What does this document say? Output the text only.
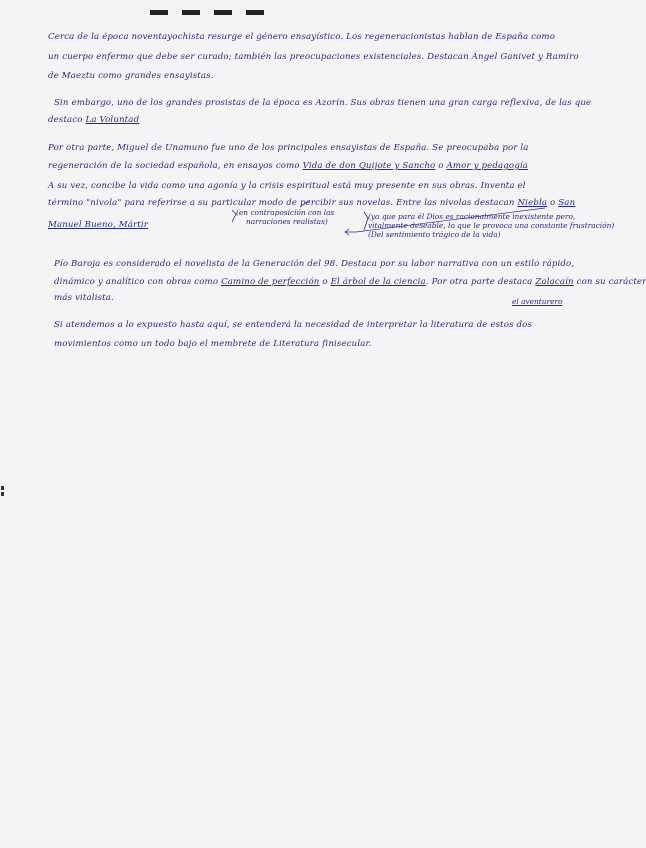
Cerca de la época noventayochista resurge el género ensayístico. Los regeneracionistas hablan de España como
un cuerpo enfermo que debe ser curado; también las preocupaciones existenciales. Destacan Ángel Ganivet y Ramiro
de Maeztu como grandes ensayistas.
Sin embargo, uno de los grandes prosistas de la época es Azorín. Sus obras tienen una gran carga reflexiva, de las que
destaco La Voluntad
Por otra parte, Miguel de Unamuno fue uno de los principales ensayistas de España. Se preocupaba por la
regeneración de la sociedad española, en ensayos como Vida de don Quijote y Sancho o Amor y pedagogía
A su vez, concibe la vida como una agonía y la crisis espiritual está muy presente en sus obras. Inventa el
término "nivola" para referirse a su particular modo de percibir sus novelas. Entre las nivolas destacan Niebla o San
Manuel Bueno, Mártir
(en contraposición con las
narraciones realistas)
(ya que para él Dios es racionalmente inexistente pero,
vitalmente deseable, lo que le provoca una constante frustración)
(Del sentimiento trágico de la vida)
Pío Baroja es considerado el novelista de la Generación del 98. Destaca por su labor narrativa con un estilo rápido,
dinámico y analítico con obras como Camino de perfección o El árbol de la ciencia. Por otra parte destaca Zalacaín con su carácter
más vitalista.	el aventurero
Si atendemos a lo expuesto hasta aquí, se entenderá la necesidad de interpretar la literatura de estos dos
movimientos como un todo bajo el membrete de Literatura finisecular.
